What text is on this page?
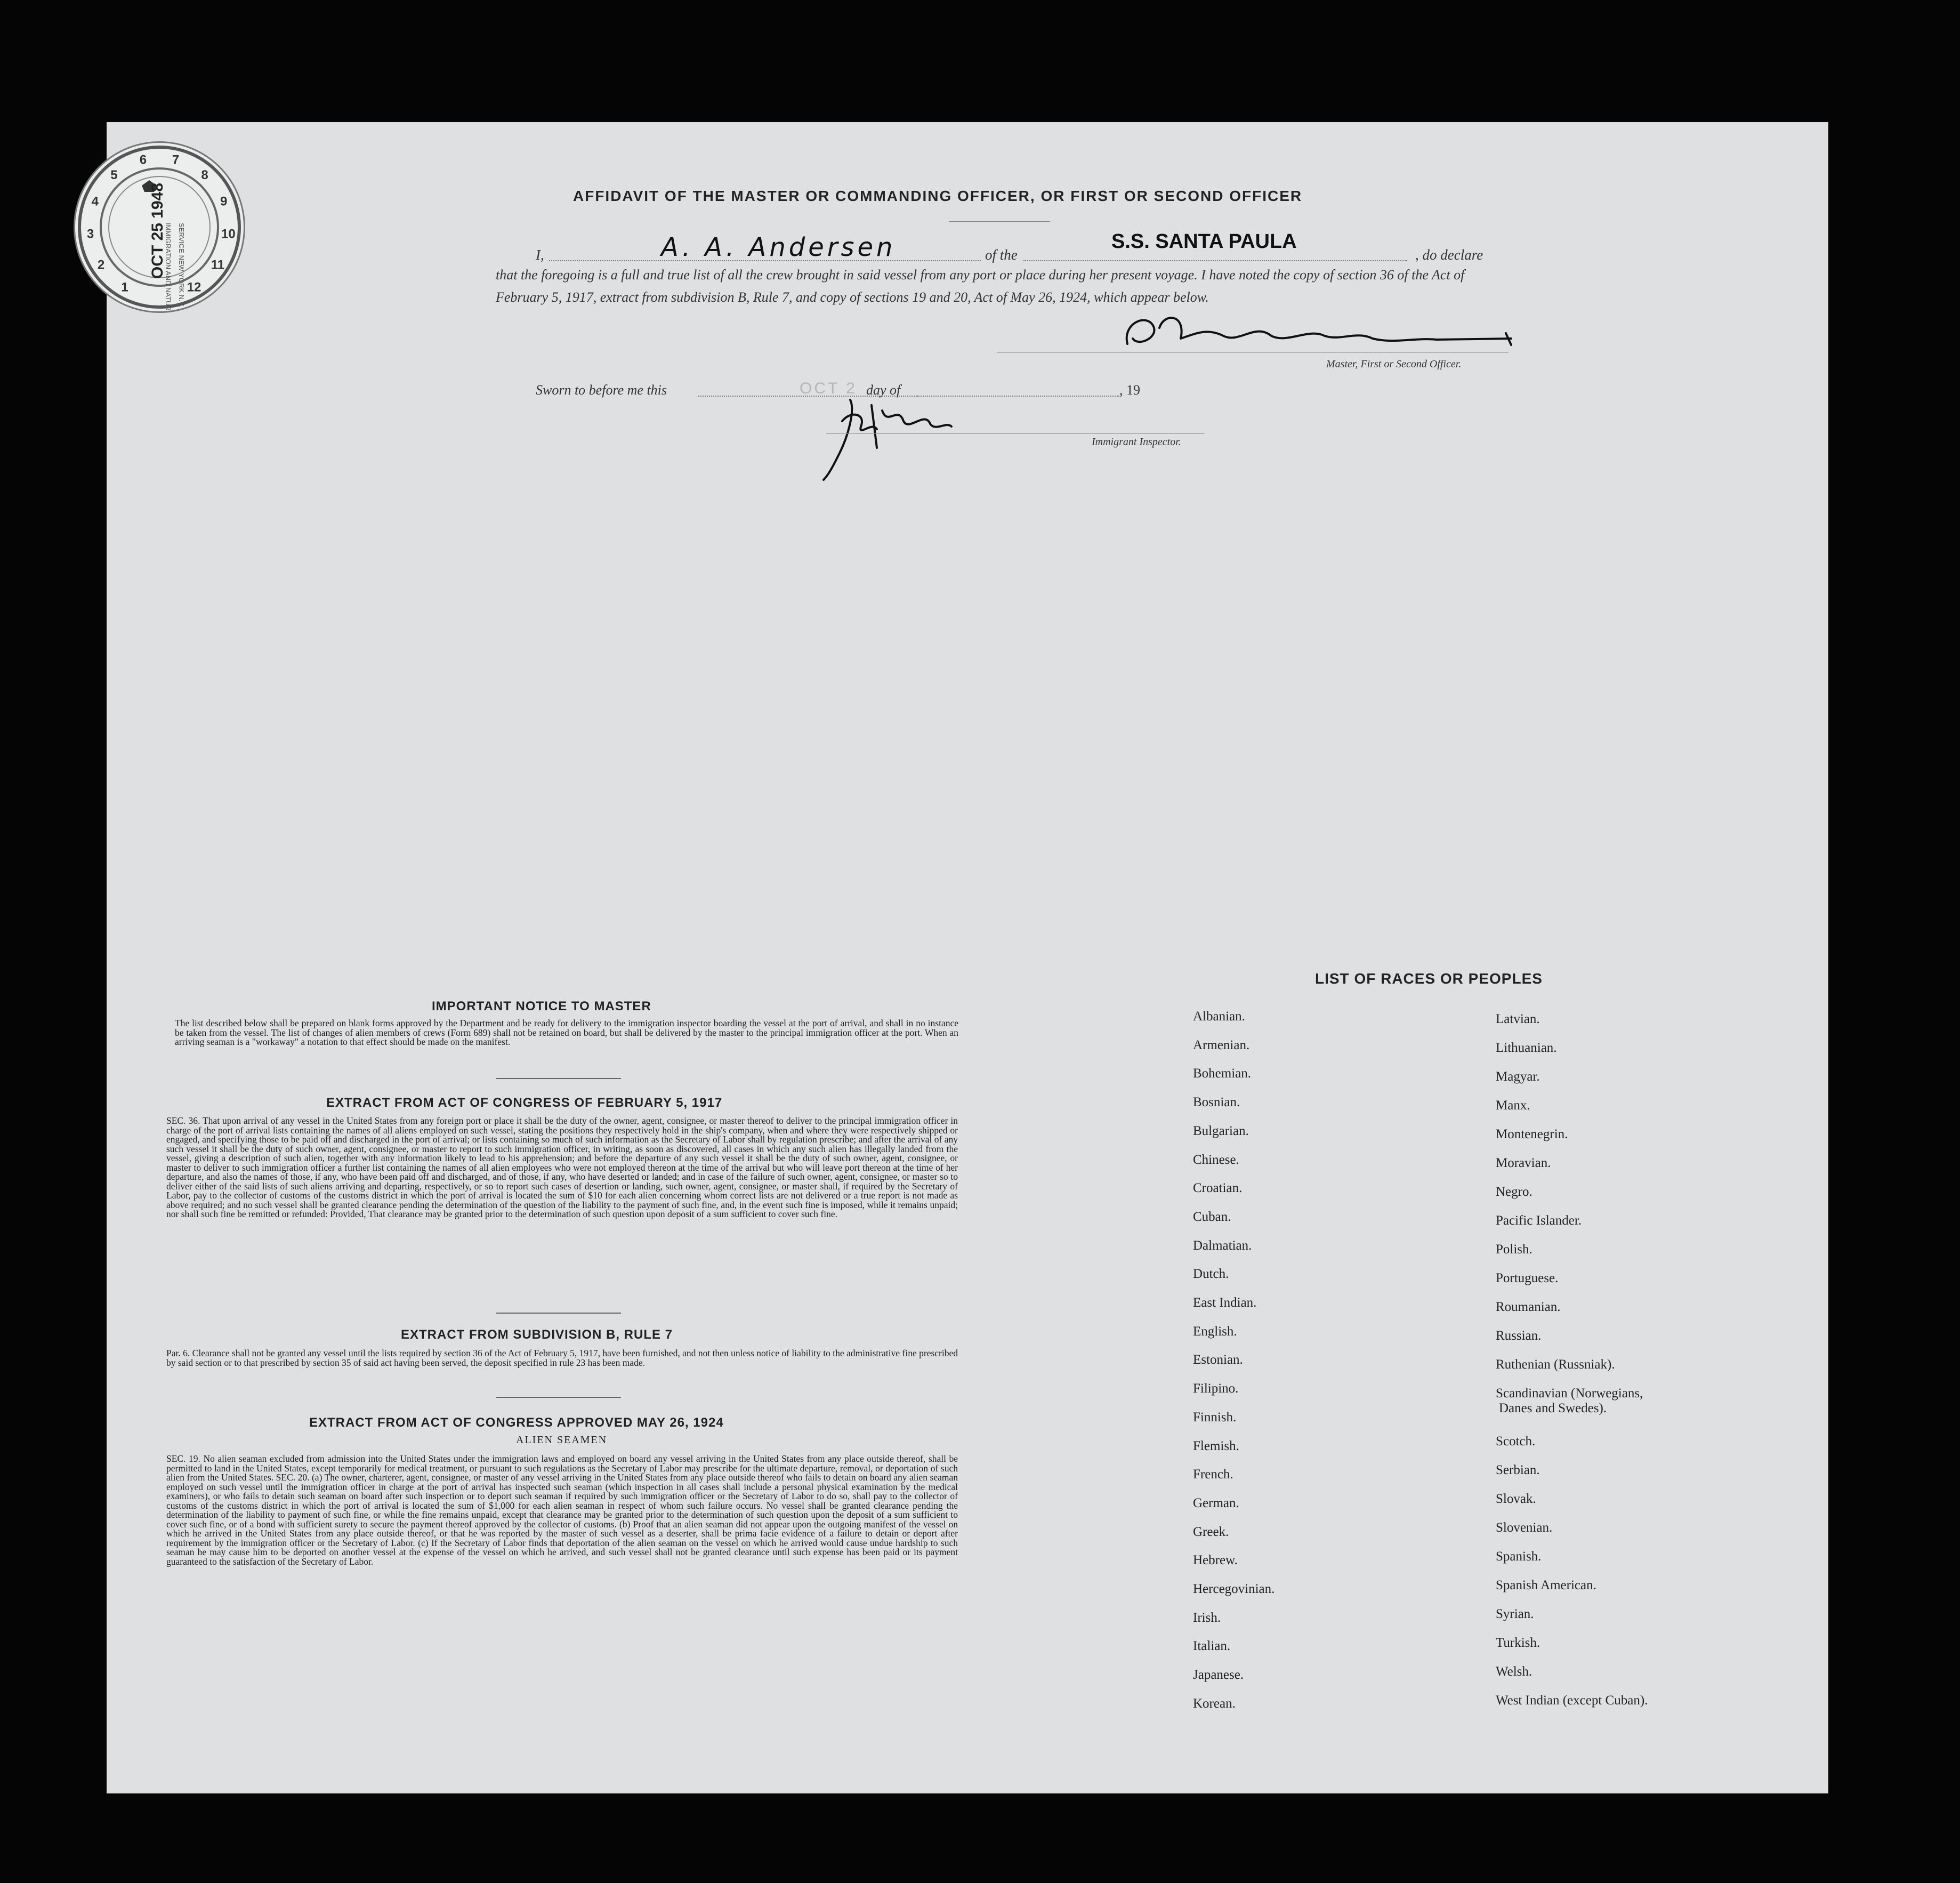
1
2
3
4
5
6 7
8
9
10
11
12
IMMIGRATION AND NATURALIZATION SERVICE NEW YORK N.Y.
OCT 25 1948	AFFIDAVIT OF THE MASTER OR COMMANDING OFFICER, OR FIRST OR SECOND OFFICER
I,	A. A. Andersen	of the
S.S. SANTA PAULA
, do declare
that the foregoing is a full and true list of all the crew brought in said vessel from any port or place during her present voyage. I have noted the copy of section 36 of the Act of February 5, 1917, extract from subdivision B, Rule 7, and copy of sections 19 and 20, Act of May 26, 1924, which appear below.
Master, First or Second Officer.
Sworn to before me this	OCT 2 day of	, 19
Immigrant Inspector.
IMPORTANT NOTICE TO MASTER
The list described below shall be prepared on blank forms approved by the Department and be ready for delivery to the immigration inspector boarding the vessel at the port of arrival, and shall in no instance be taken from the vessel. The list of changes of alien members of crews (Form 689) shall not be retained on board, but shall be delivered by the master to the principal immigration officer at the port. When an arriving seaman is a "workaway" a notation to that effect should be made on the manifest.
EXTRACT FROM ACT OF CONGRESS OF FEBRUARY 5, 1917
SEC. 36. That upon arrival of any vessel in the United States from any foreign port or place it shall be the duty of the owner, agent, consignee, or master thereof to deliver to the principal immigration officer in charge of the port of arrival lists containing the names of all aliens employed on such vessel, stating the positions they respectively hold in the ship's company, when and where they were respectively shipped or engaged, and specifying those to be paid off and discharged in the port of arrival; or lists containing so much of such information as the Secretary of Labor shall by regulation prescribe; and after the arrival of any such vessel it shall be the duty of such owner, agent, consignee, or master to report to such immigration officer, in writing, as soon as discovered, all cases in which any such alien has illegally landed from the vessel, giving a description of such alien, together with any information likely to lead to his apprehension; and before the departure of any such vessel it shall be the duty of such owner, agent, consignee, or master to deliver to such immigration officer a further list containing the names of all alien employees who were not employed thereon at the time of the arrival but who will leave port thereon at the time of her departure, and also the names of those, if any, who have been paid off and discharged, and of those, if any, who have deserted or landed; and in case of the failure of such owner, agent, consignee, or master so to deliver either of the said lists of such aliens arriving and departing, respectively, or so to report such cases of desertion or landing, such owner, agent, consignee, or master shall, if required by the Secretary of Labor, pay to the collector of customs of the customs district in which the port of arrival is located the sum of $10 for each alien concerning whom correct lists are not delivered or a true report is not made as above required; and no such vessel shall be granted clearance pending the determination of the question of the liability to the payment of such fine, and, in the event such fine is imposed, while it remains unpaid; nor shall such fine be remitted or refunded: Provided, That clearance may be granted prior to the determination of such question upon deposit of a sum sufficient to cover such fine.
EXTRACT FROM SUBDIVISION B, RULE 7
Par. 6. Clearance shall not be granted any vessel until the lists required by section 36 of the Act of February 5, 1917, have been furnished, and not then unless notice of liability to the administrative fine prescribed by said section or to that prescribed by section 35 of said act having been served, the deposit specified in rule 23 has been made.
EXTRACT FROM ACT OF CONGRESS APPROVED MAY 26, 1924
ALIEN SEAMEN
SEC. 19. No alien seaman excluded from admission into the United States under the immigration laws and employed on board any vessel arriving in the United States from any place outside thereof, shall be permitted to land in the United States, except temporarily for medical treatment, or pursuant to such regulations as the Secretary of Labor may prescribe for the ultimate departure, removal, or deportation of such alien from the United States. SEC. 20. (a) The owner, charterer, agent, consignee, or master of any vessel arriving in the United States from any place outside thereof who fails to detain on board any alien seaman employed on such vessel until the immigration officer in charge at the port of arrival has inspected such seaman (which inspection in all cases shall include a personal physical examination by the medical examiners), or who fails to detain such seaman on board after such inspection or to deport such seaman if required by such immigration officer or the Secretary of Labor to do so, shall pay to the collector of customs of the customs district in which the port of arrival is located the sum of $1,000 for each alien seaman in respect of whom such failure occurs. No vessel shall be granted clearance pending the determination of the liability to payment of such fine, or while the fine remains unpaid, except that clearance may be granted prior to the determination of such question upon the deposit of a sum sufficient to cover such fine, or of a bond with sufficient surety to secure the payment thereof approved by the collector of customs. (b) Proof that an alien seaman did not appear upon the outgoing manifest of the vessel on which he arrived in the United States from any place outside thereof, or that he was reported by the master of such vessel as a deserter, shall be prima facie evidence of a failure to detain or deport after requirement by the immigration officer or the Secretary of Labor. (c) If the Secretary of Labor finds that deportation of the alien seaman on the vessel on which he arrived would cause undue hardship to such seaman he may cause him to be deported on another vessel at the expense of the vessel on which he arrived, and such vessel shall not be granted clearance until such expense has been paid or its payment guaranteed to the satisfaction of the Secretary of Labor.
LIST OF RACES OR PEOPLES
Albanian.
Armenian.
Bohemian.
Bosnian.
Bulgarian.
Chinese.
Croatian.
Cuban.
Dalmatian.
Dutch.
East Indian.
English.
Estonian.
Filipino.
Finnish.
Flemish.
French.
German.
Greek.
Hebrew.
Hercegovinian.
Irish.
Italian.
Japanese.
Korean.
Latvian.
Lithuanian.
Magyar.
Manx.
Montenegrin.
Moravian.
Negro.
Pacific Islander.
Polish.
Portuguese.
Roumanian.
Russian.
Ruthenian (Russniak).
Scandinavian (Norwegians,
Danes and Swedes).
Scotch.
Serbian.
Slovak.
Slovenian.
Spanish.
Spanish American.
Syrian.
Turkish.
Welsh.
West Indian (except Cuban).
